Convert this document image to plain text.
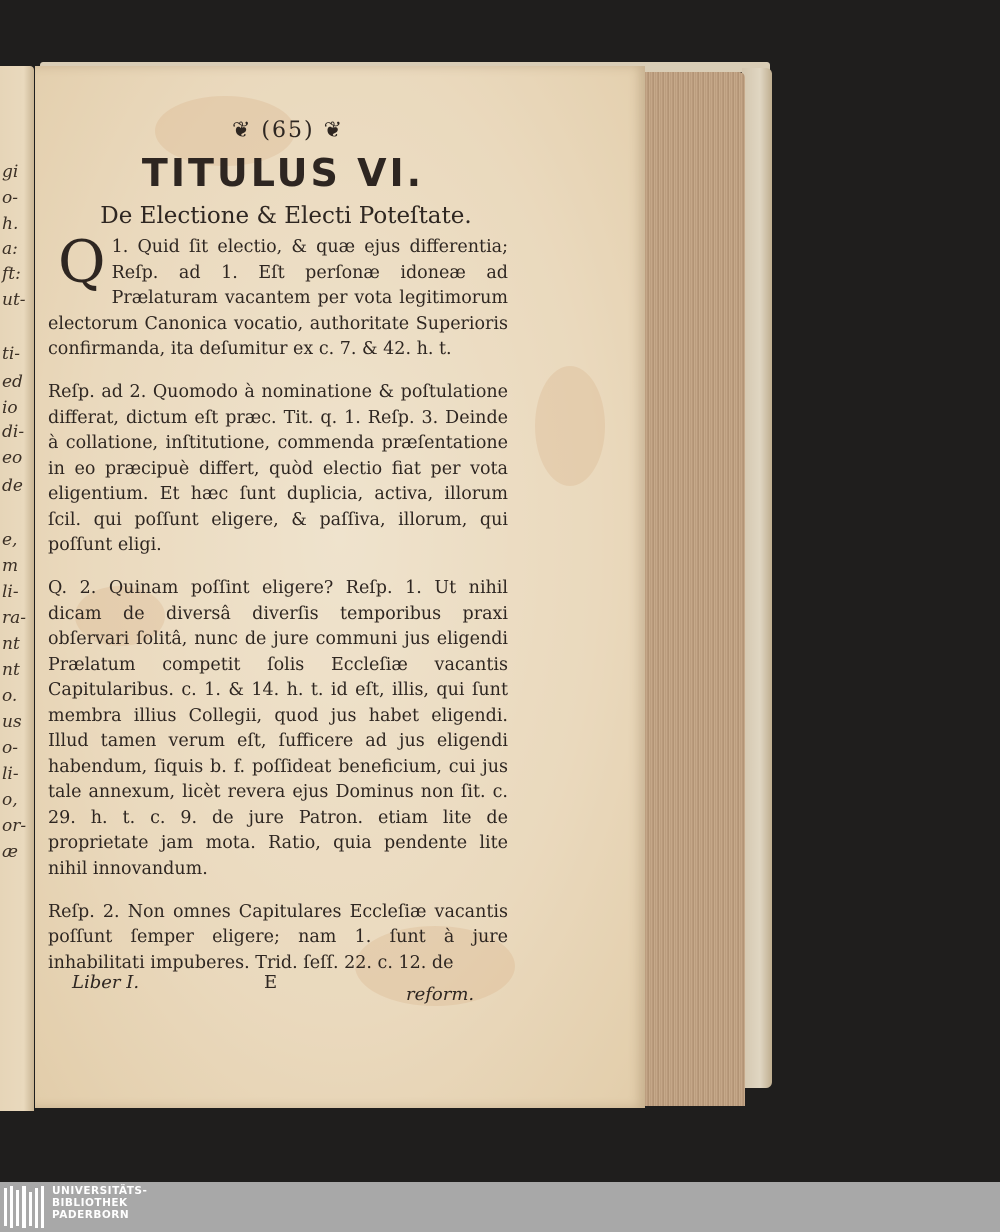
gi
o-
h.
a:
ft:
ut-
ti-
ed
io
di-
eo
de
e,
m
li-
ra-
nt
nt
o.
us
o-
li-
o,
or-
æ
❦ (65) ❦
TITULUS VI.
De Electione & Electi Poteſtate.

Q 1. Quid ſit electio, & quæ ejus differentia; Reſp. ad 1. Eſt perſonæ idoneæ ad Prælaturam vacantem per vota legitimorum electorum Canonica vocatio, authoritate Superioris confirmanda, ita deſumitur ex c. 7. & 42. h. t.

Reſp. ad 2. Quomodo à nominatione & poſtulatione differat, dictum eſt præc. Tit. q. 1. Reſp. 3. Deinde à collatione, inſtitutione, commenda præſentatione in eo præcipuè differt, quòd electio fiat per vota eligentium. Et hæc ſunt duplicia, activa, illorum ſcil. qui poſſunt eligere, & paſſiva, illorum, qui poſſunt eligi.

Q. 2. Quinam poſſint eligere? Reſp. 1. Ut nihil dicam de diversâ diverſis temporibus praxi obſervari ſolitâ, nunc de jure communi jus eligendi Prælatum competit ſolis Eccleſiæ vacantis Capitularibus. c. 1. & 14. h. t. id eſt, illis, qui ſunt membra illius Collegii, quod jus habet eligendi. Illud tamen verum eſt, ſufficere ad jus eligendi habendum, ſiquis b. f. poſſideat beneficium, cui jus tale annexum, licèt revera ejus Dominus non ſit. c. 29. h. t. c. 9. de jure Patron. etiam lite de proprietate jam mota. Ratio, quia pendente lite nihil innovandum.

Reſp. 2. Non omnes Capitulares Eccleſiæ vacantis poſſunt ſemper eligere; nam 1. ſunt à jure inhabilitati impuberes. Trid. ſeſſ. 22. c. 12. de

Liber I.	E
reform.
UNIVERSITÄTS-
BIBLIOTHEK
PADERBORN
